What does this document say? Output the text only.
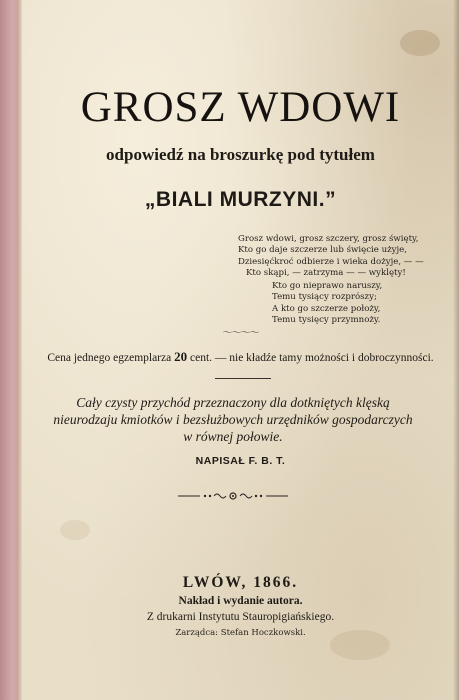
GROSZ WDOWI
odpowiedź na broszurkę pod tytułem
„BIALI MURZYNI.”
Grosz wdowi, grosz szczery, grosz święty,
Kto go daje szczerze lub święcie użyje,
Dziesięćkroć odbierze i wieka dożyje, — —
Kto skąpi, — zatrzyma — — wyklęty!
Kto go nieprawo naruszy,
Temu tysiący rozprószy;
A kto go szczerze położy,
Temu tysięcy przymnoży.
〜〜〜〜
Cena jednego egzemplarza 20 cent. — nie kładźe tamy możności i dobroczynności.
Cały czysty przychód przeznaczony dla dotkniętych klęską nieurodzaju kmiotków i bezsłużbowych urzędników gospodarczych w równej połowie.
NAPISAŁ F. B. T.
LWÓW, 1866.
Nakład i wydanie autora.
Z drukarni Instytutu Stauropigiańskiego.
Zarządca: Stefan Hoczkowski.
